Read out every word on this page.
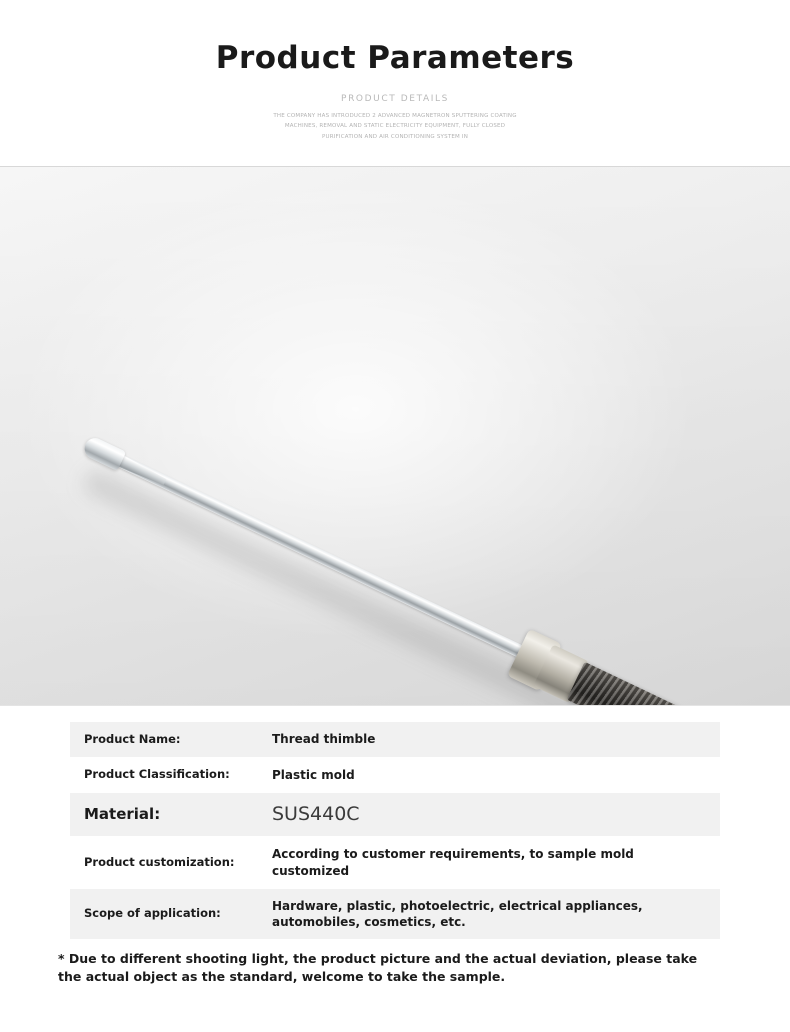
Product Parameters
PRODUCT DETAILS
THE COMPANY HAS INTRODUCED 2 ADVANCED MAGNETRON SPUTTERING COATING MACHINES, REMOVAL AND STATIC ELECTRICITY EQUIPMENT, FULLY CLOSED PURIFICATION AND AIR CONDITIONING SYSTEM IN
Product Name:	Thread thimble
Product Classification:	Plastic mold
Material:	SUS440C
Product customization:	According to customer requirements, to sample mold customized
Scope of application:	Hardware, plastic, photoelectric, electrical appliances, automobiles, cosmetics, etc.
* Due to different shooting light, the product picture and the actual deviation, please take the actual object as the standard, welcome to take the sample.
